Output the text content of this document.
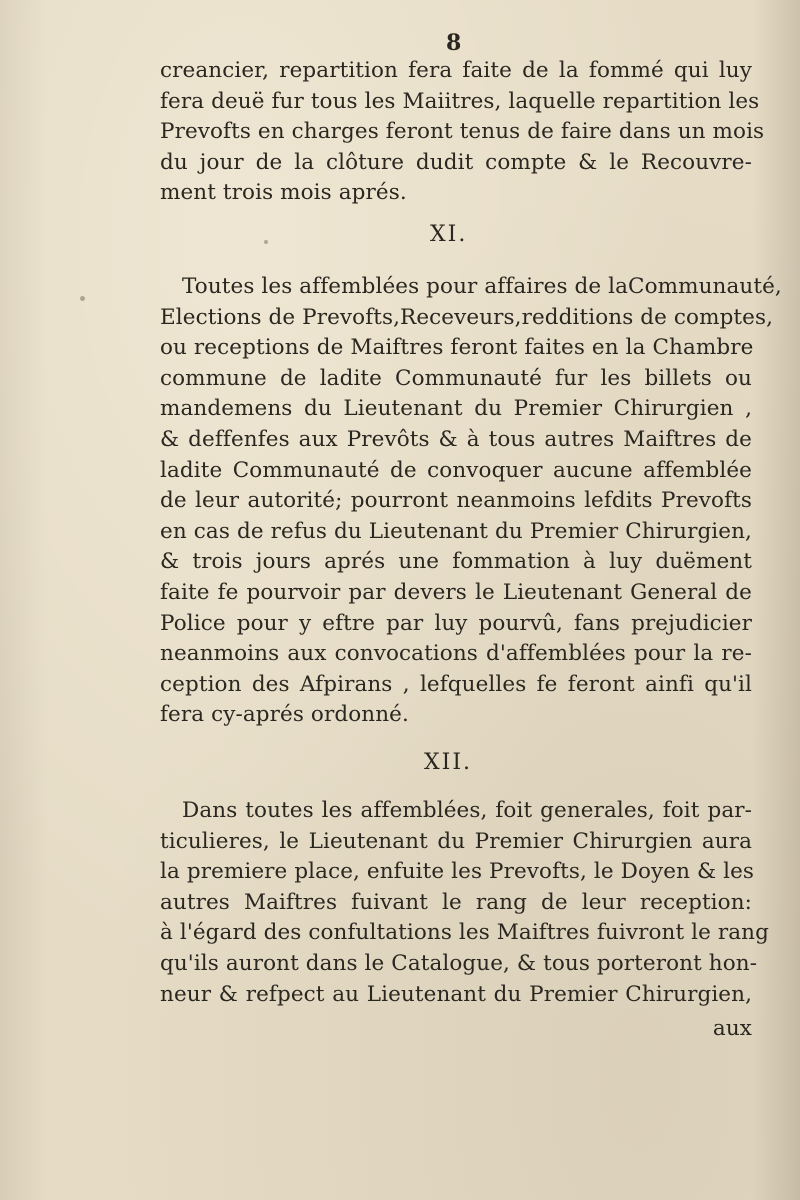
8
creancier, repartition fera faite de la fommé qui luy
fera deuë fur tous les Maiitres, laquelle repartition les
Prevofts en charges feront tenus de faire dans un mois
du jour de la clôture dudit compte & le Recouvre-
ment trois mois aprés.
XI.
Toutes les affemblées pour affaires de laCommunauté,
Elections de Prevofts,Receveurs,redditions de comptes,
ou receptions de Maiftres feront faites en la Chambre
commune de ladite Communauté fur les billets ou
mandemens du Lieutenant du Premier Chirurgien ,
& deffenfes aux Prevôts & à tous autres Maiftres de
ladite Communauté de convoquer aucune affemblée
de leur autorité; pourront neanmoins lefdits Prevofts
en cas de refus du Lieutenant du Premier Chirurgien,
& trois jours aprés une fommation à luy duëment
faite fe pourvoir par devers le Lieutenant General de
Police pour y eftre par luy pourvû, fans prejudicier
neanmoins aux convocations d'affemblées pour la re-
ception des Afpirans , lefquelles fe feront ainfi qu'il
fera cy-aprés ordonné.
XII.
Dans toutes les affemblées, foit generales, foit par-
ticulieres, le Lieutenant du Premier Chirurgien aura
la premiere place, enfuite les Prevofts, le Doyen & les
autres Maiftres fuivant le rang de leur reception:
à l'égard des confultations les Maiftres fuivront le rang
qu'ils auront dans le Catalogue, & tous porteront hon-
neur & refpect au Lieutenant du Premier Chirurgien,
aux
